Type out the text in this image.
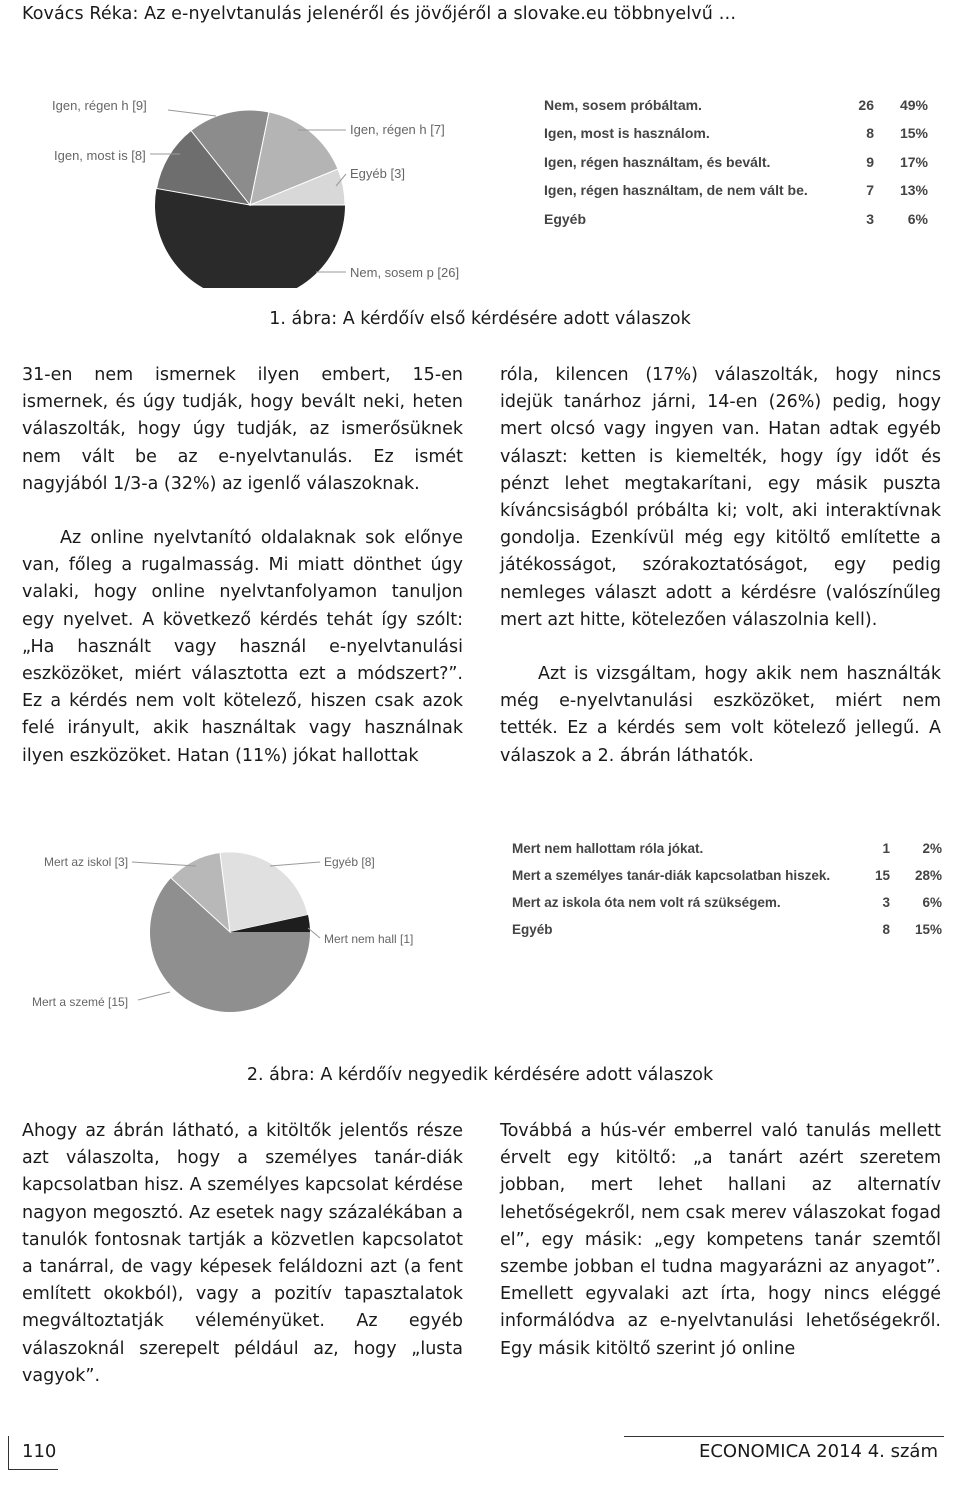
Kovács Réka: Az e-nyelvtanulás jelenéről és jövőjéről a slovake.eu többnyelvű …
Igen, régen h [9]
Igen, most is [8]
Igen, régen h [7]
Egyéb [3]
Nem, sosem p [26]
Nem, sosem próbáltam.	26	49%
Igen, most is használom.	8	15%
Igen, régen használtam, és bevált.	9	17%
Igen, régen használtam, de nem vált be.	7	13%
Egyéb	3	6%
1. ábra: A kérdőív első kérdésére adott válaszok

31-en nem ismernek ilyen embert, 15-en ismernek, és úgy tudják, hogy bevált neki, heten válaszolták, hogy úgy tudják, az ismerősüknek nem vált be az e-nyelvtanulás. Ez ismét nagyjából 1/3-a (32%) az igenlő válaszoknak.

Az online nyelvtanító oldalaknak sok előnye van, főleg a rugalmasság. Mi miatt dönthet úgy valaki, hogy online nyelvtanfolyamon tanuljon egy nyelvet. A következő kérdés tehát így szólt: „Ha használt vagy használ e-nyelvtanulási eszközöket, miért választotta ezt a módszert?”. Ez a kérdés nem volt kötelező, hiszen csak azok felé irányult, akik használtak vagy használnak ilyen eszközöket. Hatan (11%) jókat hallottak

róla, kilencen (17%) válaszolták, hogy nincs idejük tanárhoz járni, 14-en (26%) pedig, hogy mert olcsó vagy ingyen van. Hatan adtak egyéb választ: ketten is kiemelték, hogy így időt és pénzt lehet megtakarítani, egy másik puszta kíváncsiságból próbálta ki; volt, aki interaktívnak gondolja. Ezenkívül még egy kitöltő említette a játékosságot, szórakoztatóságot, egy pedig nemleges választ adott a kérdésre (valószínűleg mert azt hitte, kötelezően válaszolnia kell).

Azt is vizsgáltam, hogy akik nem használták még e-nyelvtanulási eszközöket, miért nem tették. Ez a kérdés sem volt kötelező jellegű. A válaszok a 2. ábrán láthatók.

Mert az iskol [3]	Egyéb [8]
Mert nem hall [1]
Mert a szemé [15]
Mert nem hallottam róla jókat.	1	2%
Mert a személyes tanár-diák kapcsolatban hiszek.	15	28%
Mert az iskola óta nem volt rá szükségem.	3	6%
Egyéb	8	15%
2. ábra: A kérdőív negyedik kérdésére adott válaszok

Ahogy az ábrán látható, a kitöltők jelentős része azt válaszolta, hogy a személyes tanár-diák kapcsolatban hisz. A személyes kapcsolat kérdése nagyon megosztó. Az esetek nagy százalékában a tanulók fontosnak tartják a közvetlen kapcsolatot a tanárral, de vagy képesek feláldozni azt (a fent említett okokból), vagy a pozitív tapasztalatok megváltoztatják véleményüket. Az egyéb válaszoknál szerepelt például az, hogy „lusta vagyok”.

Továbbá a hús-vér emberrel való tanulás mellett érvelt egy kitöltő: „a tanárt azért szeretem jobban, mert lehet hallani az alternatív lehetőségekről, nem csak merev válaszokat fogad el”, egy másik: „egy kompetens tanár szemtől szembe jobban el tudna magyarázni az anyagot”. Emellett egyvalaki azt írta, hogy nincs eléggé informálódva az e-nyelvtanulási lehetőségekről. Egy másik kitöltő szerint jó online

110	ECONOMICA 2014 4. szám
